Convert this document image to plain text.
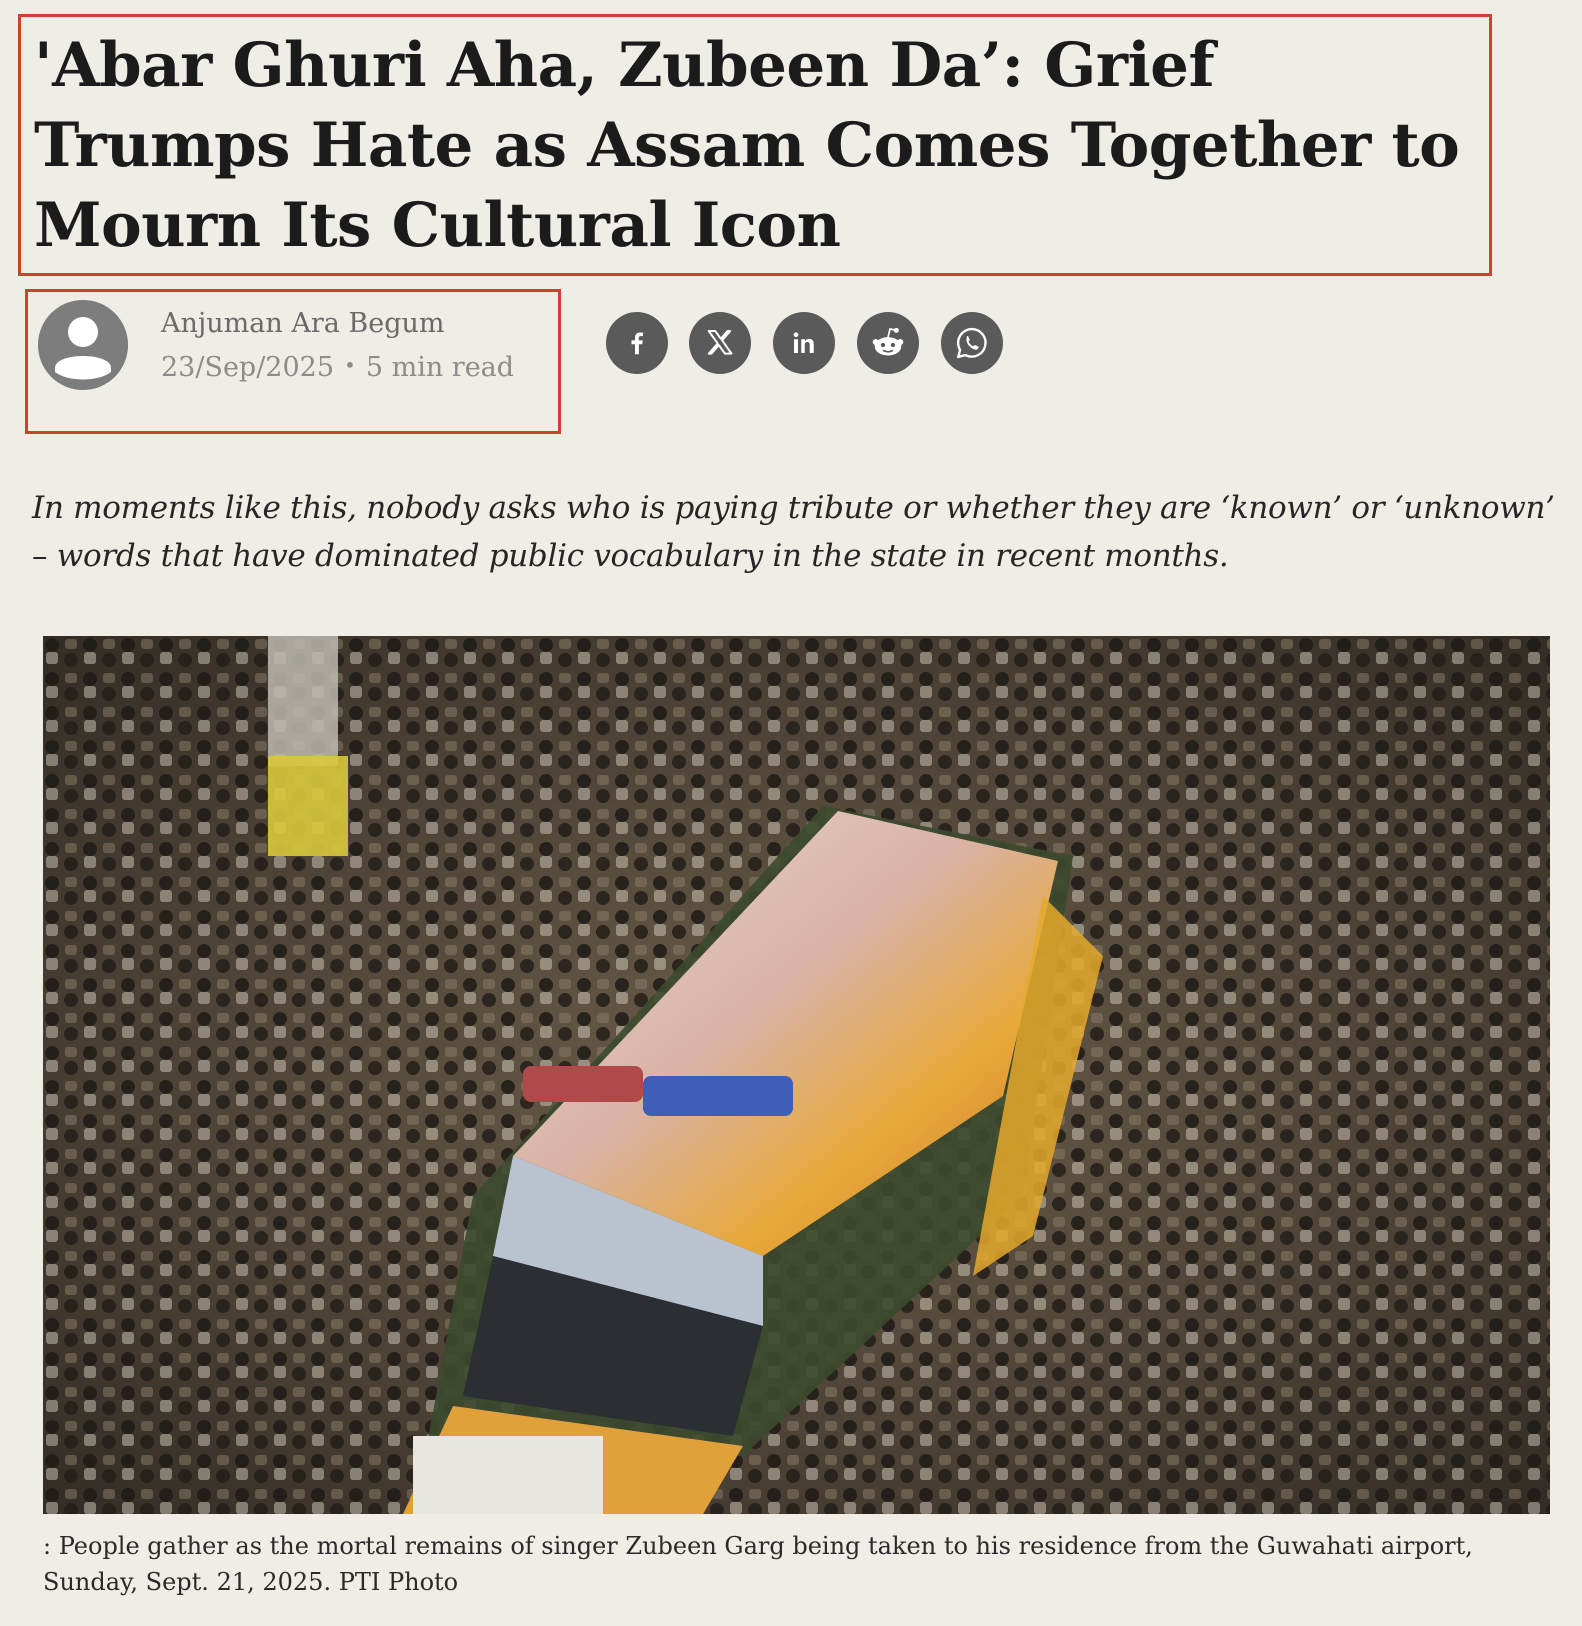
'Abar Ghuri Aha, Zubeen Da’: Grief Trumps Hate as Assam Comes Together to Mourn Its Cultural Icon
Anjuman Ara Begum
23/Sep/2025 • 5 min read

In moments like this, nobody asks who is paying tribute or whether they are ‘known’ or ‘unknown’ – words that have dominated public vocabulary in the state in recent months.

: People gather as the mortal remains of singer Zubeen Garg being taken to his residence from the Guwahati airport, Sunday, Sept. 21, 2025. PTI Photo
